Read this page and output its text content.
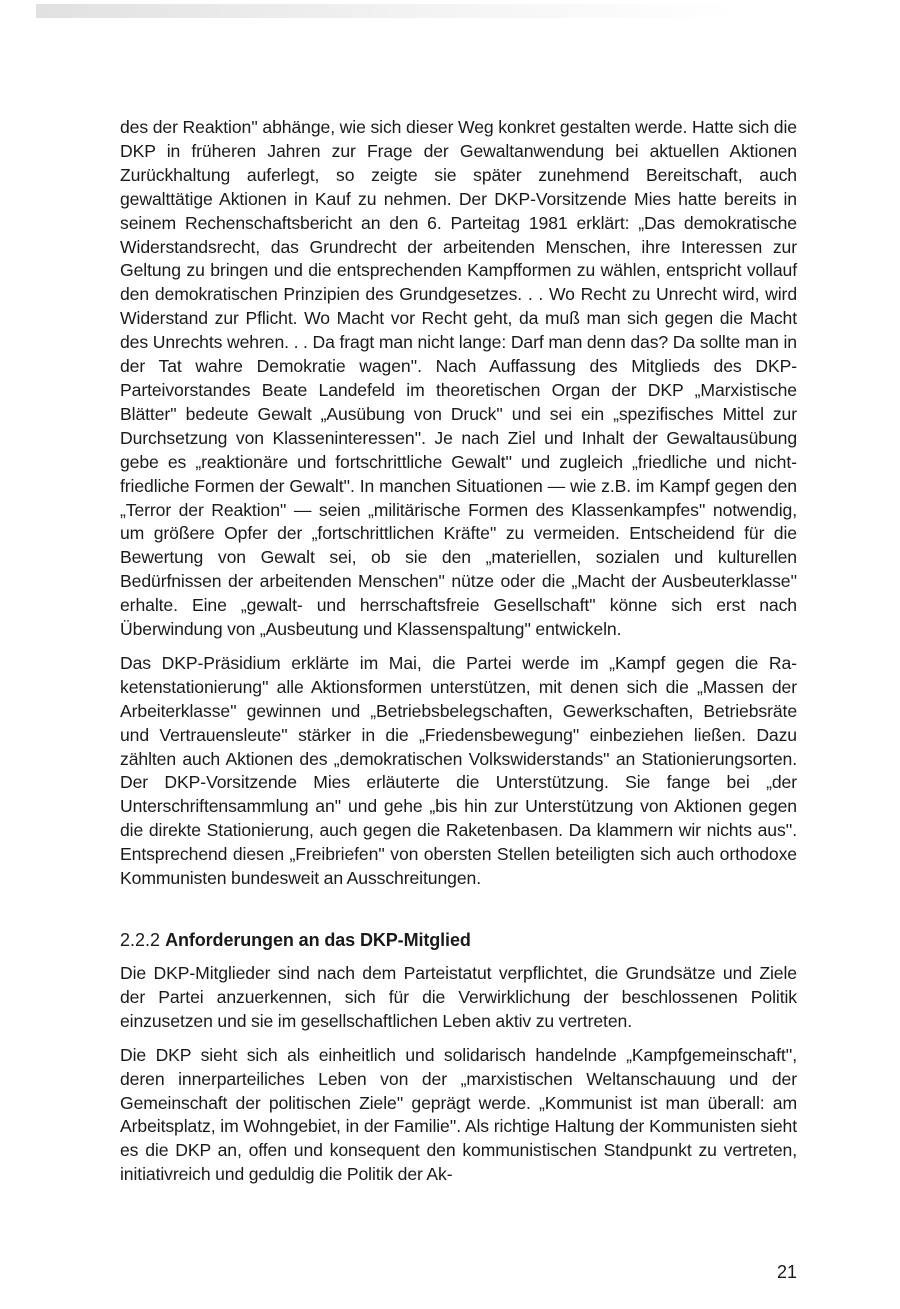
des der Reaktion'' abhänge, wie sich dieser Weg konkret gestalten werde. Hatte sich die DKP in früheren Jahren zur Frage der Gewaltanwendung bei aktuellen Aktionen Zurückhaltung auferlegt, so zeigte sie später zunehmend Bereitschaft, auch gewalttätige Aktionen in Kauf zu nehmen. Der DKP-Vorsitzende Mies hatte bereits in seinem Rechenschaftsbericht an den 6. Parteitag 1981 erklärt: „Das demokratische Widerstandsrecht, das Grundrecht der arbeitenden Menschen, ihre Interessen zur Geltung zu bringen und die entsprechenden Kampfformen zu wählen, entspricht vollauf den demokratischen Prinzipien des Grundgesetzes. . . Wo Recht zu Unrecht wird, wird Widerstand zur Pflicht. Wo Macht vor Recht geht, da muß man sich gegen die Macht des Unrechts wehren. . . Da fragt man nicht lange: Darf man denn das? Da sollte man in der Tat wahre Demokratie wagen''. Nach Auffassung des Mitglieds des DKP-Parteivorstandes Beate Landefeld im theoretischen Organ der DKP „Marxistische Blätter'' bedeute Gewalt „Ausübung von Druck'' und sei ein „spezifisches Mittel zur Durchsetzung von Klasseninteressen''. Je nach Ziel und Inhalt der Gewaltausübung gebe es „reaktionäre und fortschrittliche Gewalt'' und zugleich „friedliche und nichtfriedliche Formen der Gewalt''. In manchen Situationen — wie z.B. im Kampf gegen den „Terror der Reaktion'' — seien „militärische Formen des Klassenkampfes'' notwendig, um größere Opfer der „fortschrittlichen Kräfte'' zu vermeiden. Entscheidend für die Bewertung von Gewalt sei, ob sie den „materiellen, sozialen und kulturellen Bedürfnissen der arbeitenden Menschen'' nütze oder die „Macht der Ausbeuterklasse'' erhalte. Eine „gewalt- und herrschaftsfreie Gesellschaft'' könne sich erst nach Überwindung von „Ausbeutung und Klassenspaltung'' entwickeln.

Das DKP-Präsidium erklärte im Mai, die Partei werde im „Kampf gegen die Raketenstationierung'' alle Aktionsformen unterstützen, mit denen sich die „Massen der Arbeiterklasse'' gewinnen und „Betriebsbelegschaften, Gewerkschaften, Betriebsräte und Vertrauensleute'' stärker in die „Friedensbewegung'' einbeziehen ließen. Dazu zählten auch Aktionen des „demokratischen Volkswiderstands'' an Stationierungsorten. Der DKP-Vorsitzende Mies erläuterte die Unterstützung. Sie fange bei „der Unterschriftensammlung an'' und gehe „bis hin zur Unterstützung von Aktionen gegen die direkte Stationierung, auch gegen die Raketenbasen. Da klammern wir nichts aus''. Entsprechend diesen „Freibriefen'' von obersten Stellen beteiligten sich auch orthodoxe Kommunisten bundesweit an Ausschreitungen.

2.2.2 Anforderungen an das DKP-Mitglied

Die DKP-Mitglieder sind nach dem Parteistatut verpflichtet, die Grundsätze und Ziele der Partei anzuerkennen, sich für die Verwirklichung der beschlossenen Politik einzusetzen und sie im gesellschaftlichen Leben aktiv zu vertreten.

Die DKP sieht sich als einheitlich und solidarisch handelnde „Kampfgemeinschaft'', deren innerparteiliches Leben von der „marxistischen Weltanschauung und der Gemeinschaft der politischen Ziele'' geprägt werde. „Kommunist ist man überall: am Arbeitsplatz, im Wohngebiet, in der Familie''. Als richtige Haltung der Kommunisten sieht es die DKP an, offen und konsequent den kommunistischen Standpunkt zu vertreten, initiativreich und geduldig die Politik der Ak-

21
